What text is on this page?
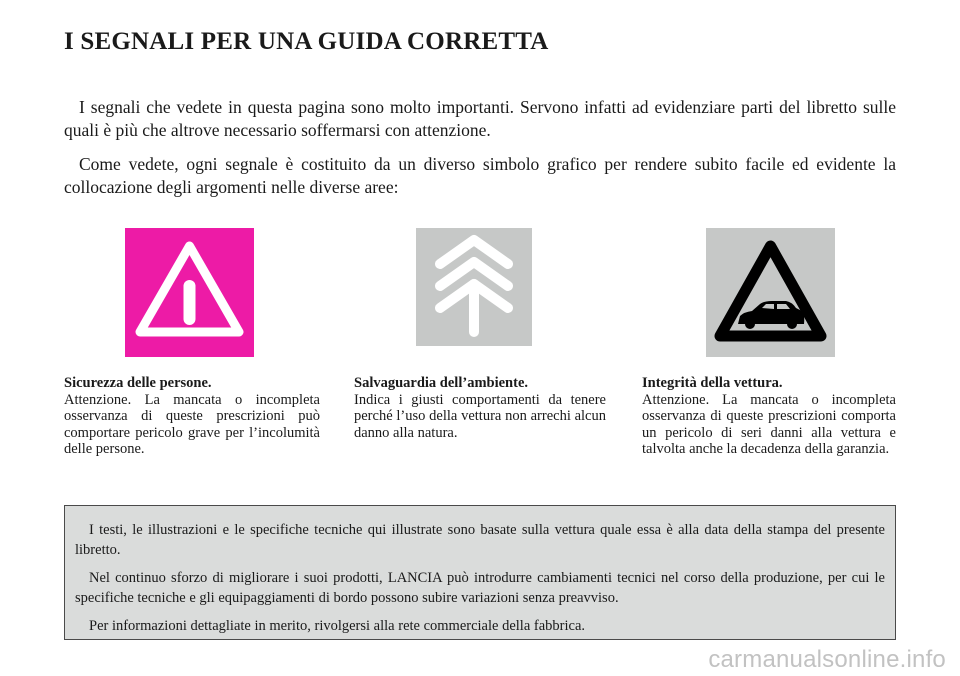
I SEGNALI PER UNA GUIDA CORRETTA

I segnali che vedete in questa pagina sono molto importanti. Servono infatti ad evidenziare parti del libretto sulle quali è più che altrove necessario soffermarsi con attenzione.

Come vedete, ogni segnale è costituito da un diverso simbolo grafico per rendere subito facile ed evidente la collocazione degli argomenti nelle diverse aree:

Sicurezza delle persone.
Attenzione. La mancata o incompleta osservanza di queste prescrizioni può comportare pericolo grave per l’incolumità delle persone.
Salvaguardia dell’ambiente.
Indica i giusti comportamenti da tenere perché l’uso della vettura non arrechi alcun danno alla natura.
Integrità della vettura.
Attenzione. La mancata o incompleta osservanza di queste prescrizioni comporta un pericolo di seri danni alla vettura e talvolta anche la decadenza della garanzia.

I testi, le illustrazioni e le specifiche tecniche qui illustrate sono basate sulla vettura quale essa è alla data della stampa del presente libretto.

Nel continuo sforzo di migliorare i suoi prodotti, LANCIA può introdurre cambiamenti tecnici nel corso della produzione, per cui le specifiche tecniche e gli equipaggiamenti di bordo possono subire variazioni senza preavviso.

Per informazioni dettagliate in merito, rivolgersi alla rete commerciale della fabbrica.

carmanualsonline.info
